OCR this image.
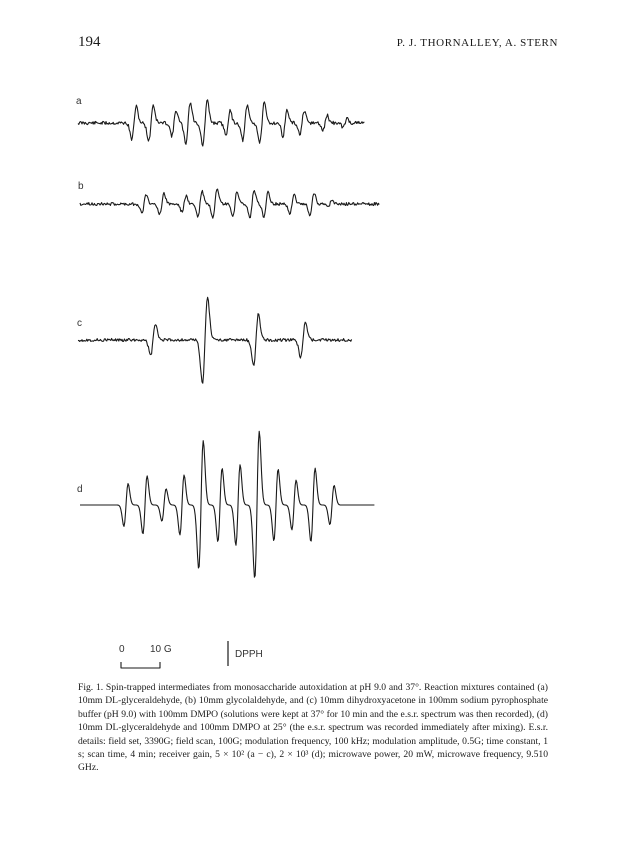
194	P. J. THORNALLEY, A. STERN
a
b
c
d
0	10 G	DPPH
Fig. 1. Spin-trapped intermediates from monosaccharide autoxidation at pH 9.0 and 37°. Reaction mixtures contained (a) 10mm DL-glyceraldehyde, (b) 10mm glycolaldehyde, and (c) 10mm dihydroxyacetone in 100mm sodium pyrophosphate buffer (pH 9.0) with 100mm DMPO (solutions were kept at 37° for 10 min and the e.s.r. spectrum was then recorded), (d) 10mm DL-glyceraldehyde and 100mm DMPO at 25° (the e.s.r. spectrum was recorded immediately after mixing). E.s.r. details: field set, 3390G; field scan, 100G; modulation frequency, 100 kHz; modulation amplitude, 0.5G; time constant, 1 s; scan time, 4 min; receiver gain, 5 × 10² (a − c), 2 × 10³ (d); microwave power, 20 mW, microwave frequency, 9.510 GHz.
